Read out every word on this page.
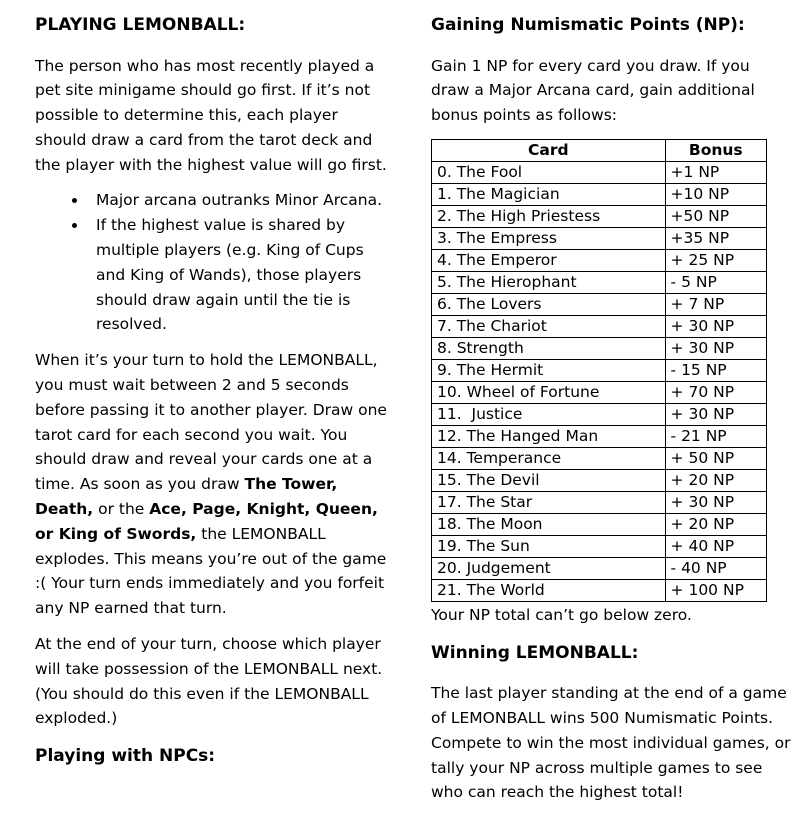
PLAYING LEMONBALL:

The person who has most recently played a pet site minigame should go first. If it’s not possible to determine this, each player should draw a card from the tarot deck and the player with the highest value will go first.

• Major arcana outranks Minor Arcana.
• If the highest value is shared by multiple players (e.g. King of Cups and King of Wands), those players should draw again until the tie is resolved.

When it’s your turn to hold the LEMONBALL, you must wait between 2 and 5 seconds before passing it to another player. Draw one tarot card for each second you wait. You should draw and reveal your cards one at a time. As soon as you draw The Tower, Death, or the Ace, Page, Knight, Queen, or King of Swords, the LEMONBALL explodes. This means you’re out of the game :( Your turn ends immediately and you forfeit any NP earned that turn.

At the end of your turn, choose which player will take possession of the LEMONBALL next. (You should do this even if the LEMONBALL exploded.)

Playing with NPCs:
Gaining Numismatic Points (NP):

Gain 1 NP for every card you draw. If you draw a Major Arcana card, gain additional bonus points as follows:

Card	Bonus
0. The Fool	+1 NP
1. The Magician	+10 NP
2. The High Priestess	+50 NP
3. The Empress	+35 NP
4. The Emperor	+ 25 NP
5. The Hierophant	- 5 NP
6. The Lovers	+ 7 NP
7. The Chariot	+ 30 NP
8. Strength	+ 30 NP
9. The Hermit	- 15 NP
10. Wheel of Fortune	+ 70 NP
11.  Justice	+ 30 NP
12. The Hanged Man	- 21 NP
14. Temperance	+ 50 NP
15. The Devil	+ 20 NP
17. The Star	+ 30 NP
18. The Moon	+ 20 NP
19. The Sun	+ 40 NP
20. Judgement	- 40 NP
21. The World	+ 100 NP

Your NP total can’t go below zero.

Winning LEMONBALL:

The last player standing at the end of a game of LEMONBALL wins 500 Numismatic Points. Compete to win the most individual games, or tally your NP across multiple games to see who can reach the highest total!
